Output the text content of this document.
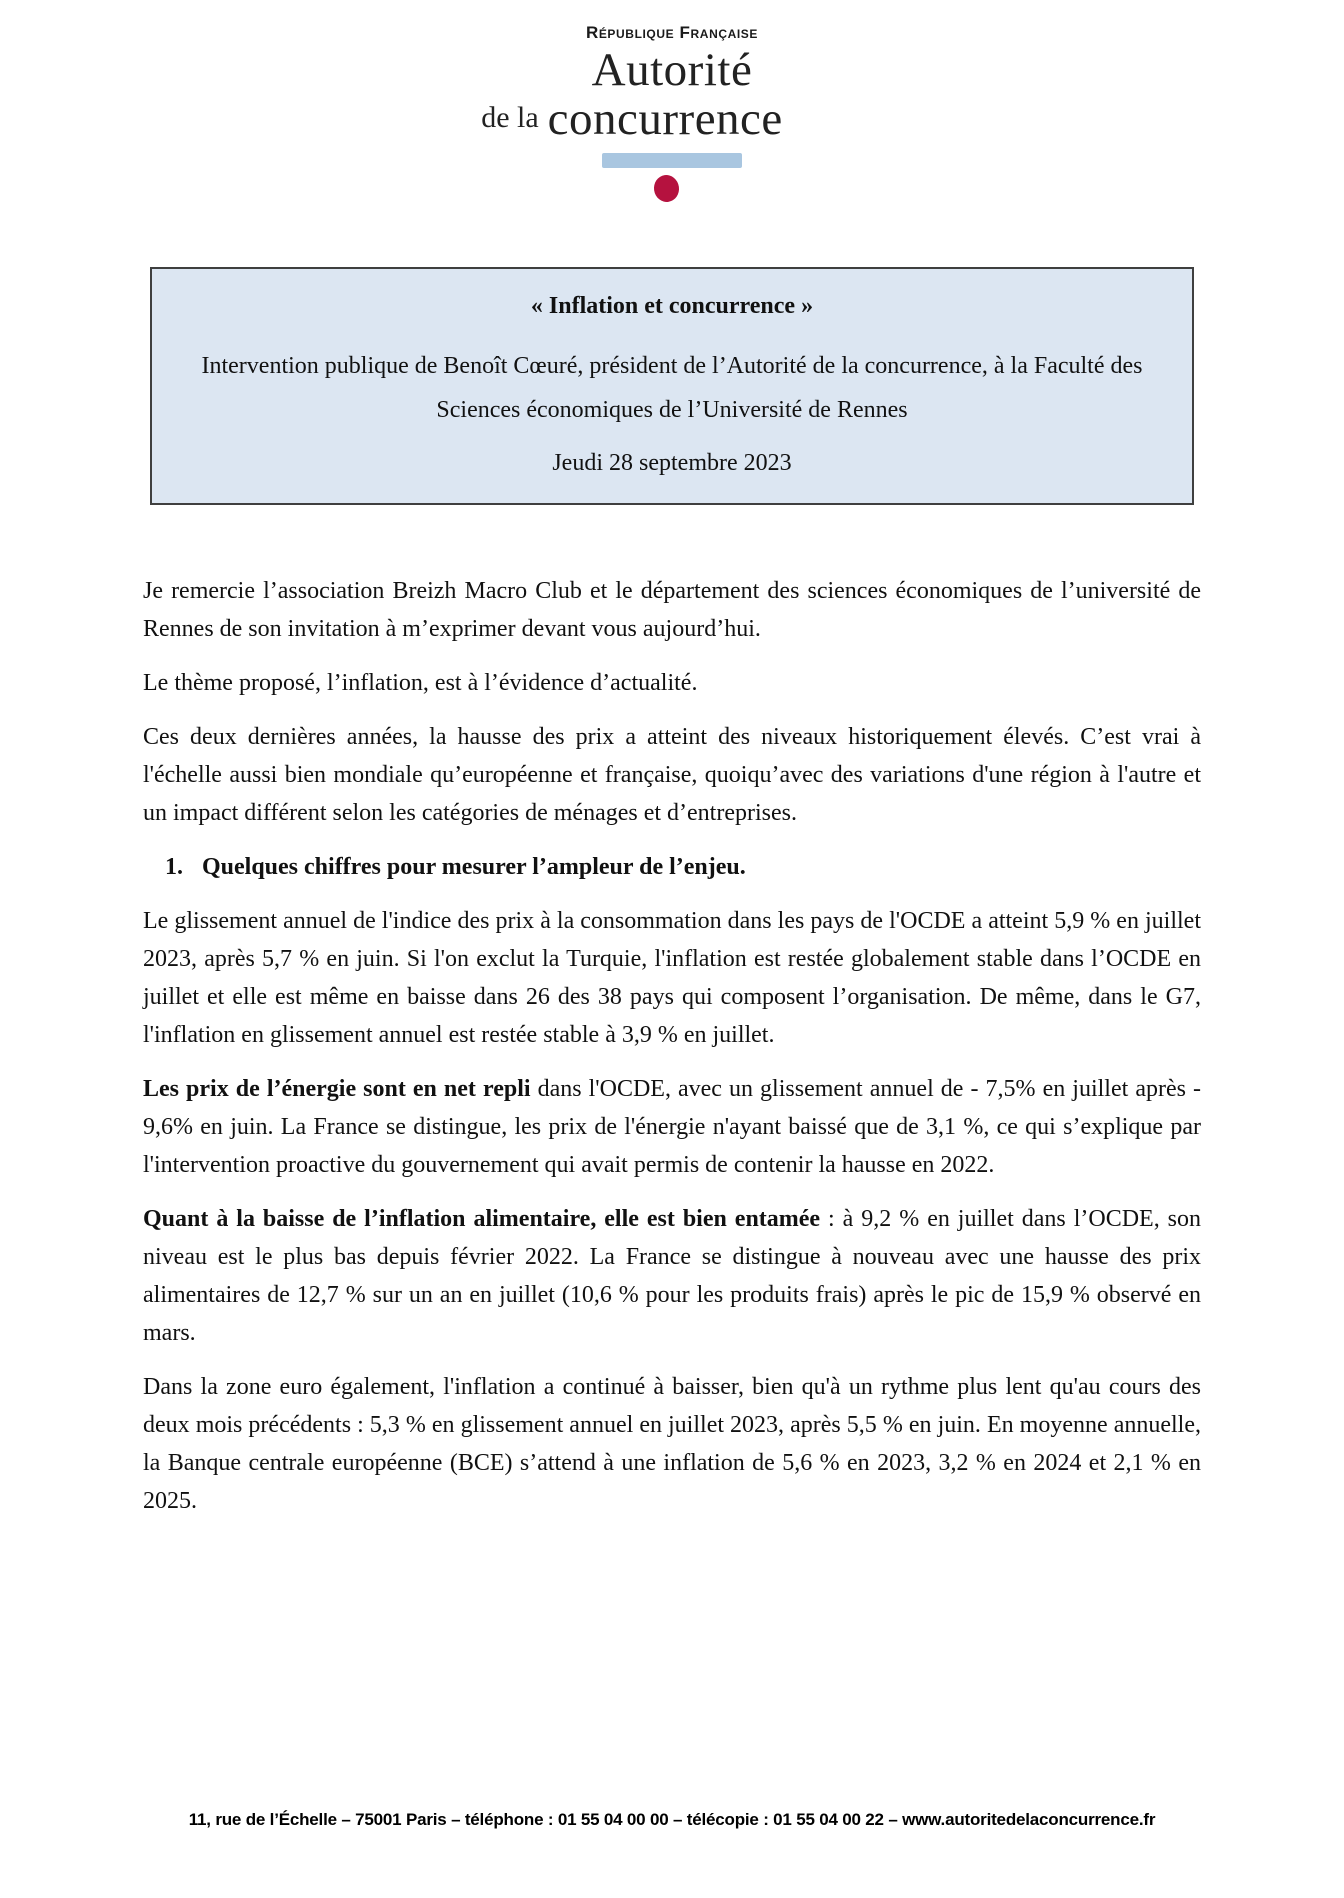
République Française
Autorité
de la concurrence

« Inflation et concurrence »

Intervention publique de Benoît Cœuré, président de l’Autorité de la concurrence, à la Faculté des Sciences économiques de l’Université de Rennes

Jeudi 28 septembre 2023

Je remercie l’association Breizh Macro Club et le département des sciences économiques de l’université de Rennes de son invitation à m’exprimer devant vous aujourd’hui.

Le thème proposé, l’inflation, est à l’évidence d’actualité.

Ces deux dernières années, la hausse des prix a atteint des niveaux historiquement élevés. C’est vrai à l'échelle aussi bien mondiale qu’européenne et française, quoiqu’avec des variations d'une région à l'autre et un impact différent selon les catégories de ménages et d’entreprises.

1. Quelques chiffres pour mesurer l’ampleur de l’enjeu.

Le glissement annuel de l'indice des prix à la consommation dans les pays de l'OCDE a atteint 5,9 % en juillet 2023, après 5,7 % en juin. Si l'on exclut la Turquie, l'inflation est restée globalement stable dans l’OCDE en juillet et elle est même en baisse dans 26 des 38 pays qui composent l’organisation. De même, dans le G7, l'inflation en glissement annuel est restée stable à 3,9 % en juillet.

Les prix de l’énergie sont en net repli dans l'OCDE, avec un glissement annuel de - 7,5% en juillet après - 9,6% en juin. La France se distingue, les prix de l'énergie n'ayant baissé que de 3,1 %, ce qui s’explique par l'intervention proactive du gouvernement qui avait permis de contenir la hausse en 2022.

Quant à la baisse de l’inflation alimentaire, elle est bien entamée : à 9,2 % en juillet dans l’OCDE, son niveau est le plus bas depuis février 2022. La France se distingue à nouveau avec une hausse des prix alimentaires de 12,7 % sur un an en juillet (10,6 % pour les produits frais) après le pic de 15,9 % observé en mars.

Dans la zone euro également, l'inflation a continué à baisser, bien qu'à un rythme plus lent qu'au cours des deux mois précédents : 5,3 % en glissement annuel en juillet 2023, après 5,5 % en juin. En moyenne annuelle, la Banque centrale européenne (BCE) s’attend à une inflation de 5,6 % en 2023, 3,2 % en 2024 et 2,1 % en 2025.

11, rue de l’Échelle – 75001 Paris – téléphone : 01 55 04 00 00 – télécopie : 01 55 04 00 22 – www.autoritedelaconcurrence.fr
